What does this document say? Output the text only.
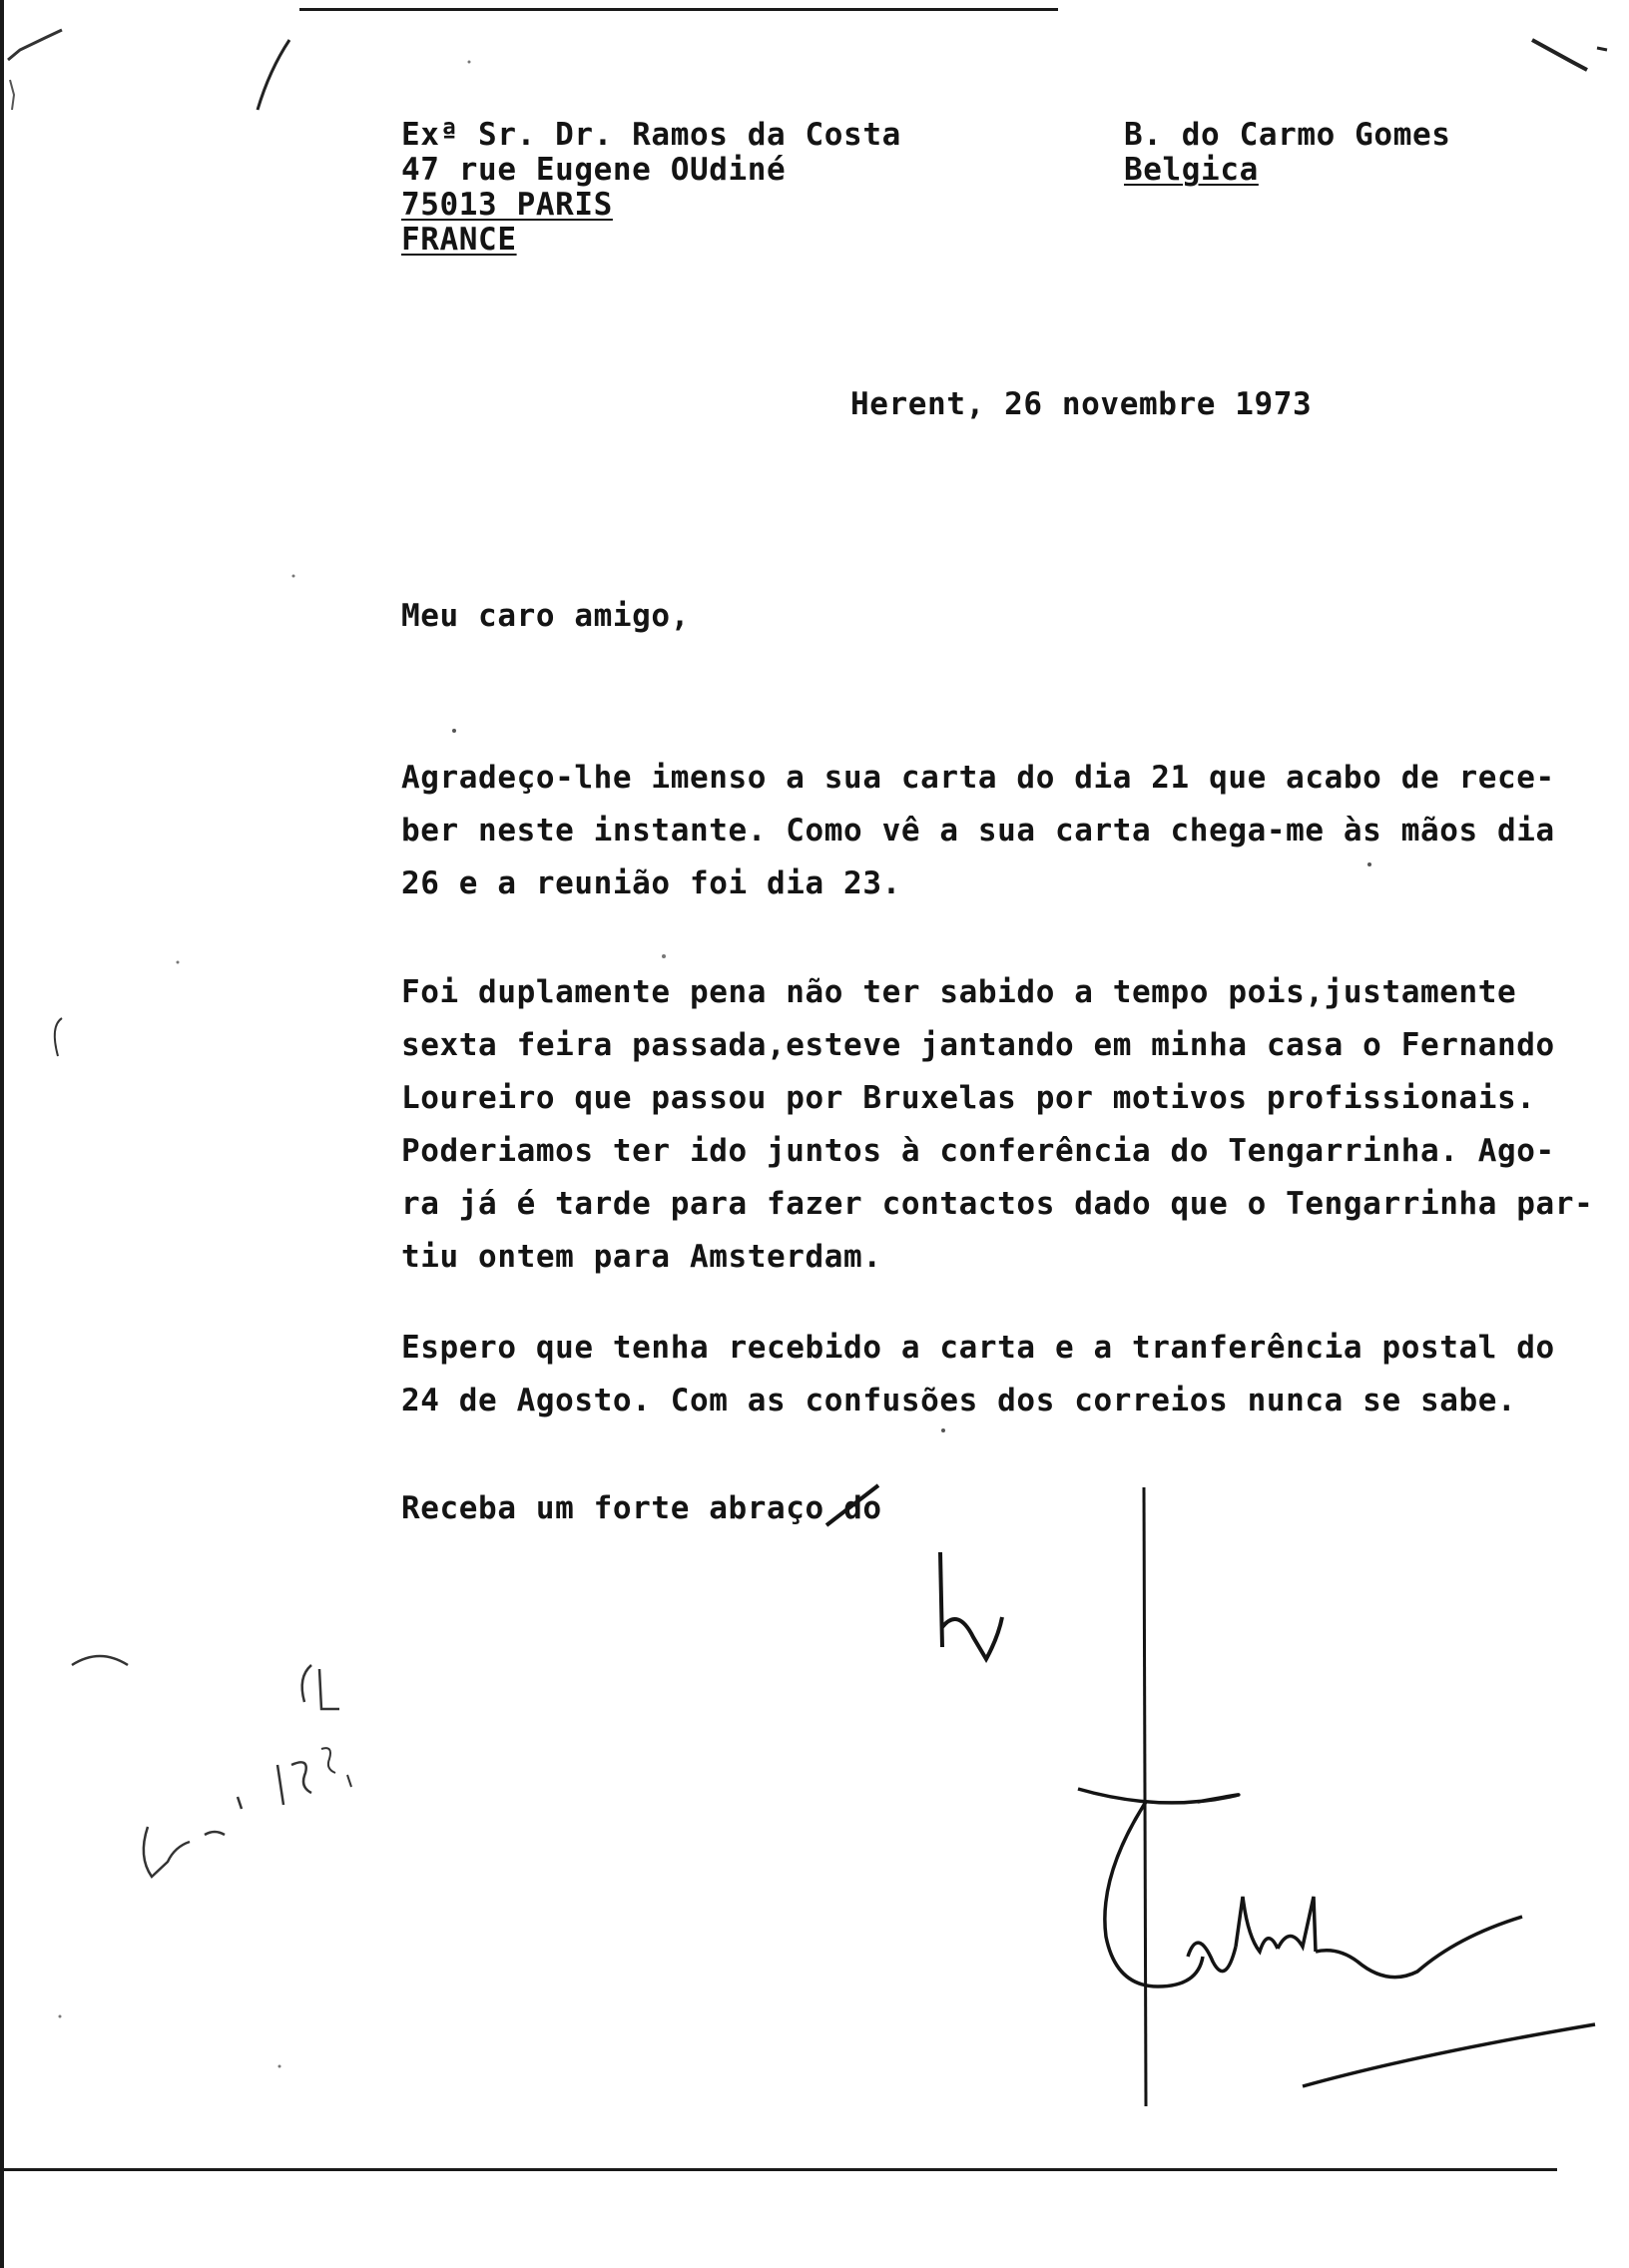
Exª Sr. Dr. Ramos da Costa

47 rue Eugene OUdiné

75013 PARIS

FRANCE

B. do Carmo Gomes

Belgica

Herent, 26 novembre 1973

Meu caro amigo,

Agradeço-lhe imenso a sua carta do dia 21 que acabo de rece-

ber neste instante. Como vê a sua carta chega-me às mãos dia

26 e a reunião foi dia 23.

Foi duplamente pena não ter sabido a tempo pois,justamente

sexta feira passada,esteve jantando em minha casa o Fernando

Loureiro que passou por Bruxelas por motivos profissionais.

Poderiamos ter ido juntos à conferência do Tengarrinha. Ago-

ra já é tarde para fazer contactos dado que o Tengarrinha par-

tiu ontem para Amsterdam.

Espero que tenha recebido a carta e a tranferência postal do

24 de Agosto. Com as confusões dos correios nunca se sabe.

Receba um forte abraço do
